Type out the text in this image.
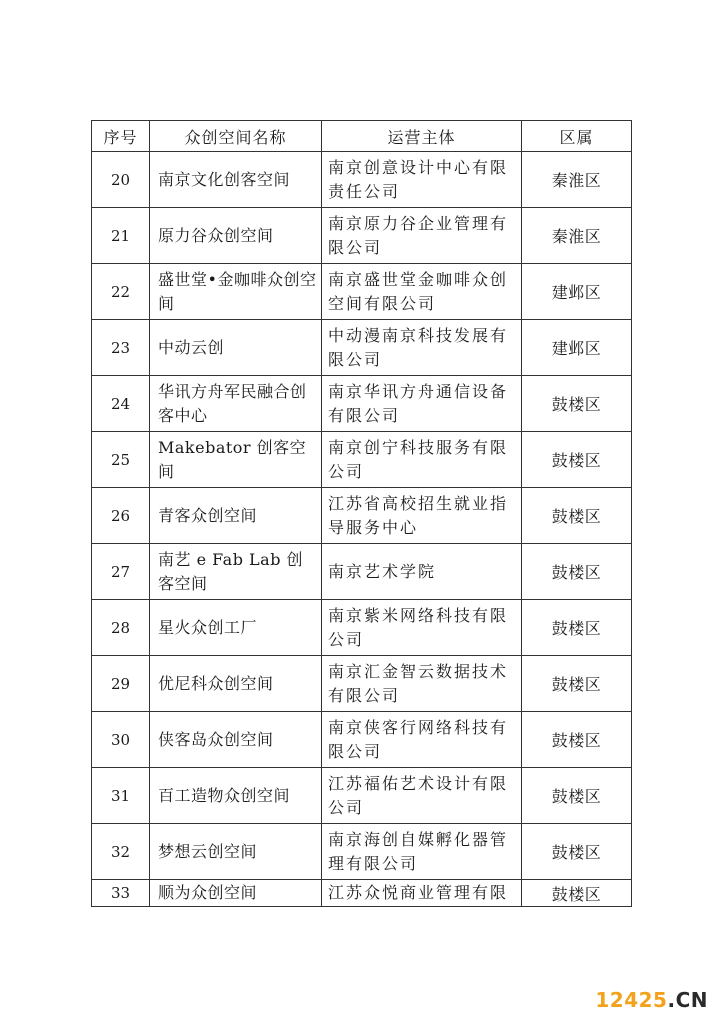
序号	众创空间名称	运营主体	区属
20	南京文化创客空间	南京创意设计中心有限责任公司	秦淮区
21	原力谷众创空间	南京原力谷企业管理有限公司	秦淮区
22	盛世堂•金咖啡众创空间	南京盛世堂金咖啡众创空间有限公司	建邺区
23	中动云创	中动漫南京科技发展有限公司	建邺区
24	华讯方舟军民融合创客中心	南京华讯方舟通信设备有限公司	鼓楼区
25	Makebator 创客空间	南京创宁科技服务有限公司	鼓楼区
26	青客众创空间	江苏省高校招生就业指导服务中心	鼓楼区
27	南艺 e Fab Lab 创客空间	南京艺术学院	鼓楼区
28	星火众创工厂	南京紫米网络科技有限公司	鼓楼区
29	优尼科众创空间	南京汇金智云数据技术有限公司	鼓楼区
30	侠客岛众创空间	南京侠客行网络科技有限公司	鼓楼区
31	百工造物众创空间	江苏福佑艺术设计有限公司	鼓楼区
32	梦想云创空间	南京海创自媒孵化器管理有限公司	鼓楼区
33	顺为众创空间	江苏众悦商业管理有限	鼓楼区
12425.CN
